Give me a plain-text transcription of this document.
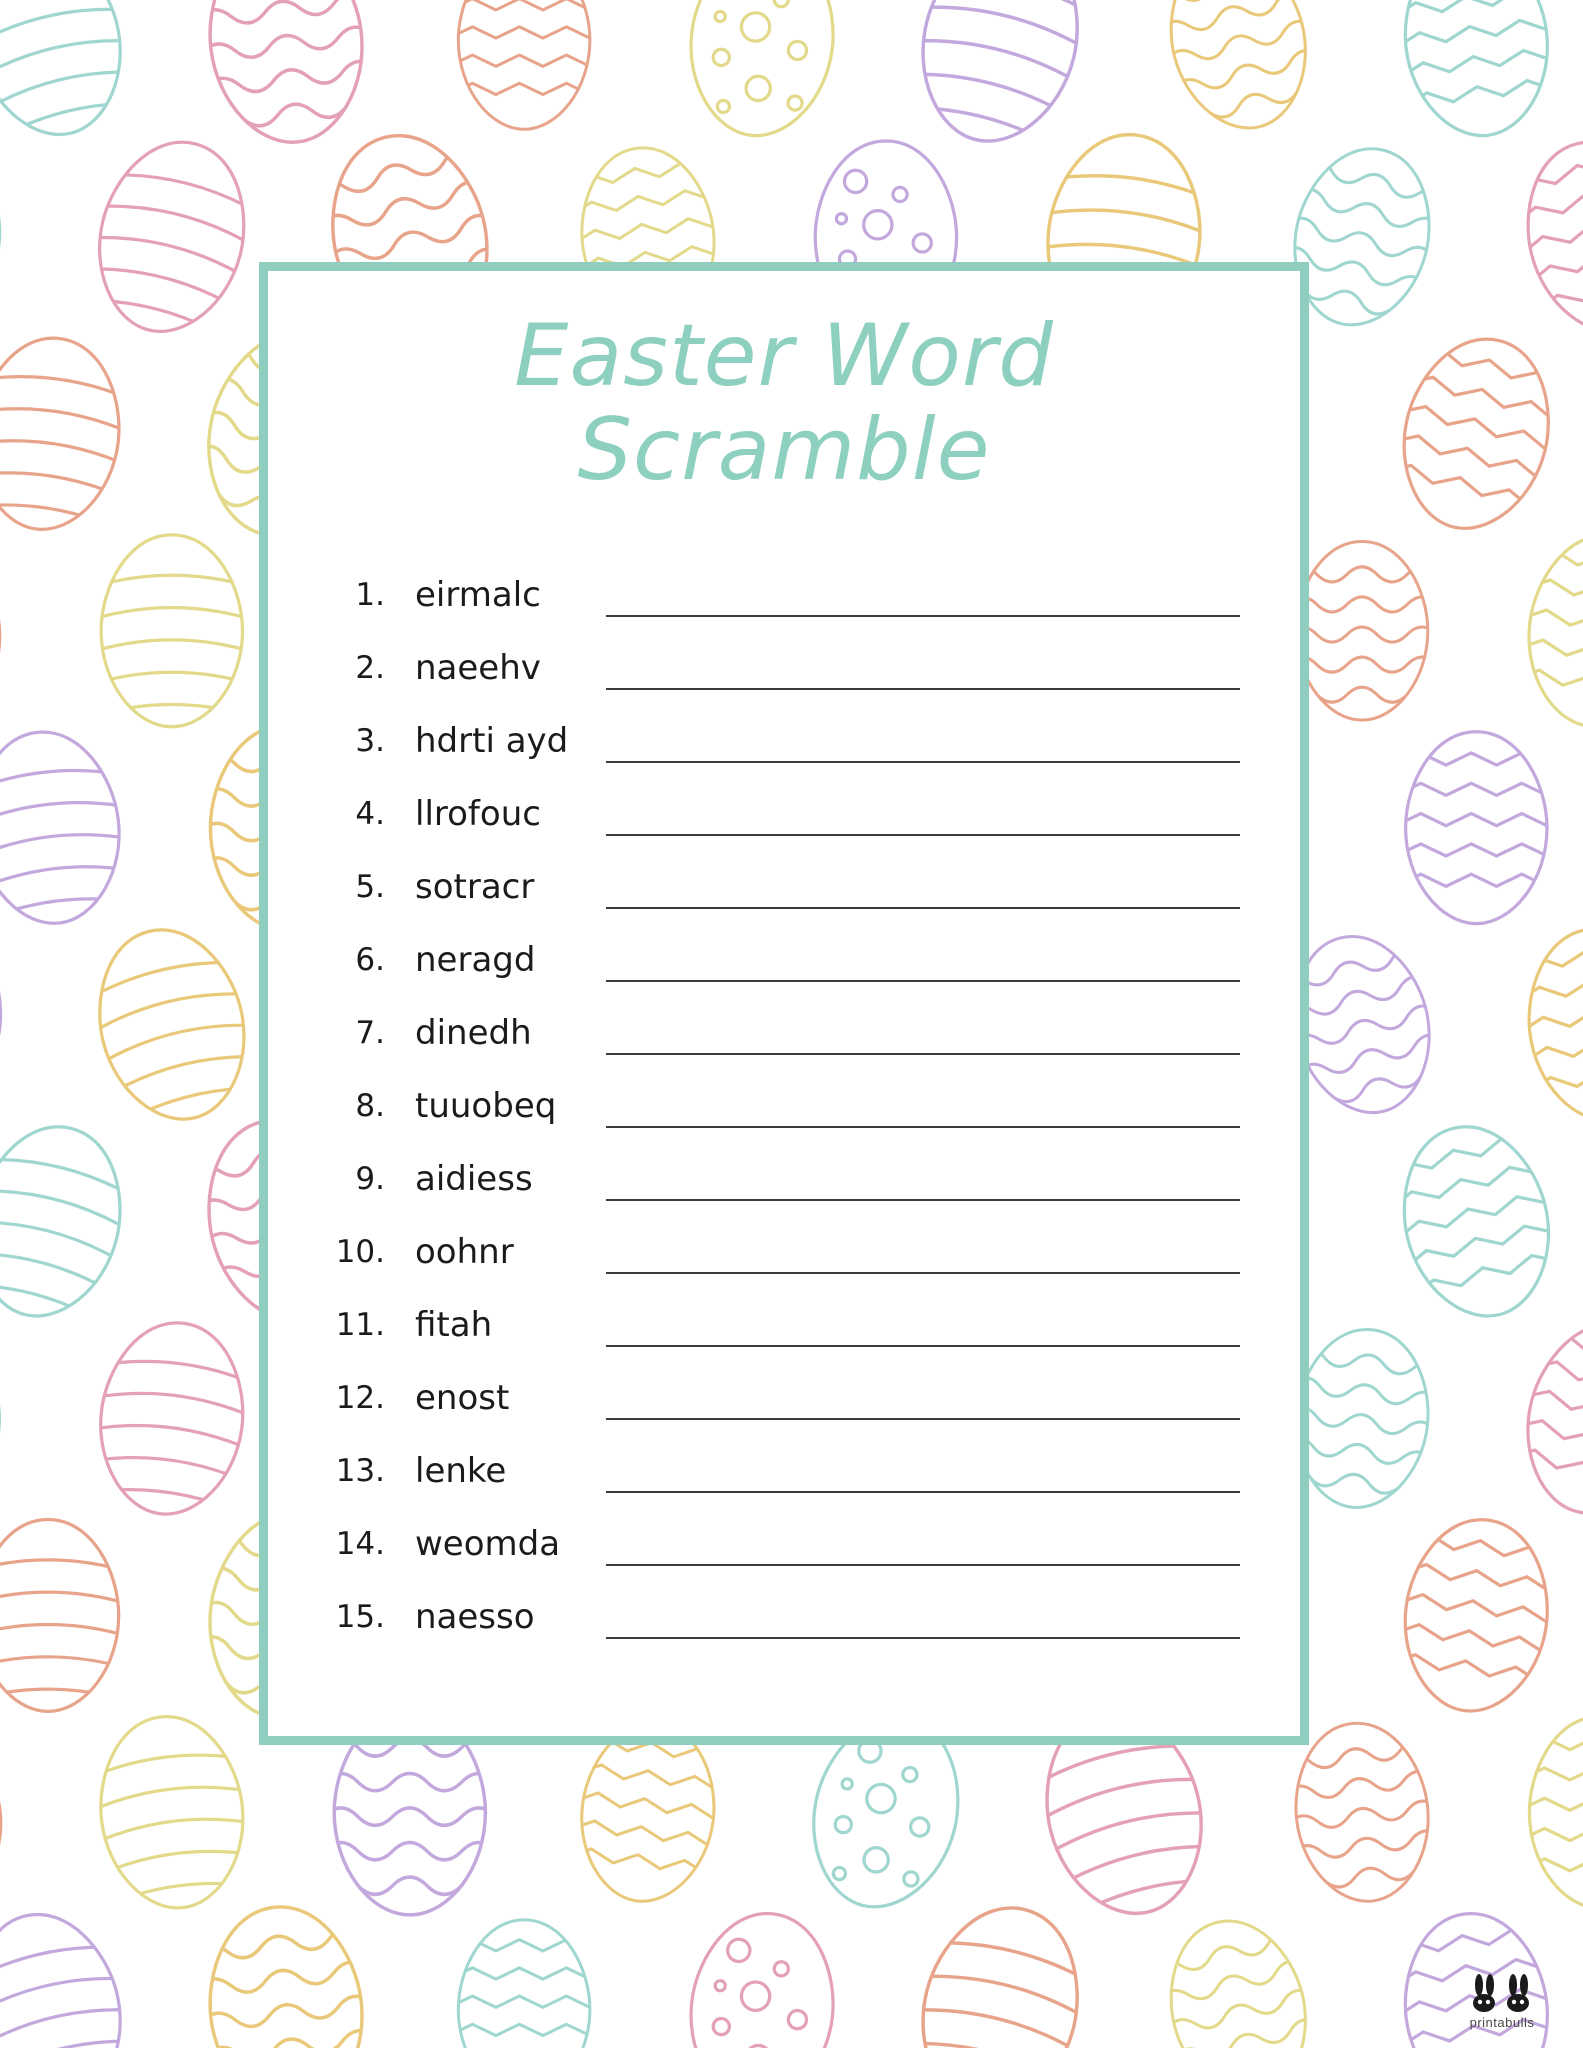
Easter Word
Scramble
1. eirmalc
2. naeehv
3. hdrti ayd
4. llrofouc
5. sotracr
6. neragd
7. dinedh
8. tuuobeq
9. aidiess
10. oohnr
11. fitah
12. enost
13. lenke
14. weomda
15. naesso
printabulls
